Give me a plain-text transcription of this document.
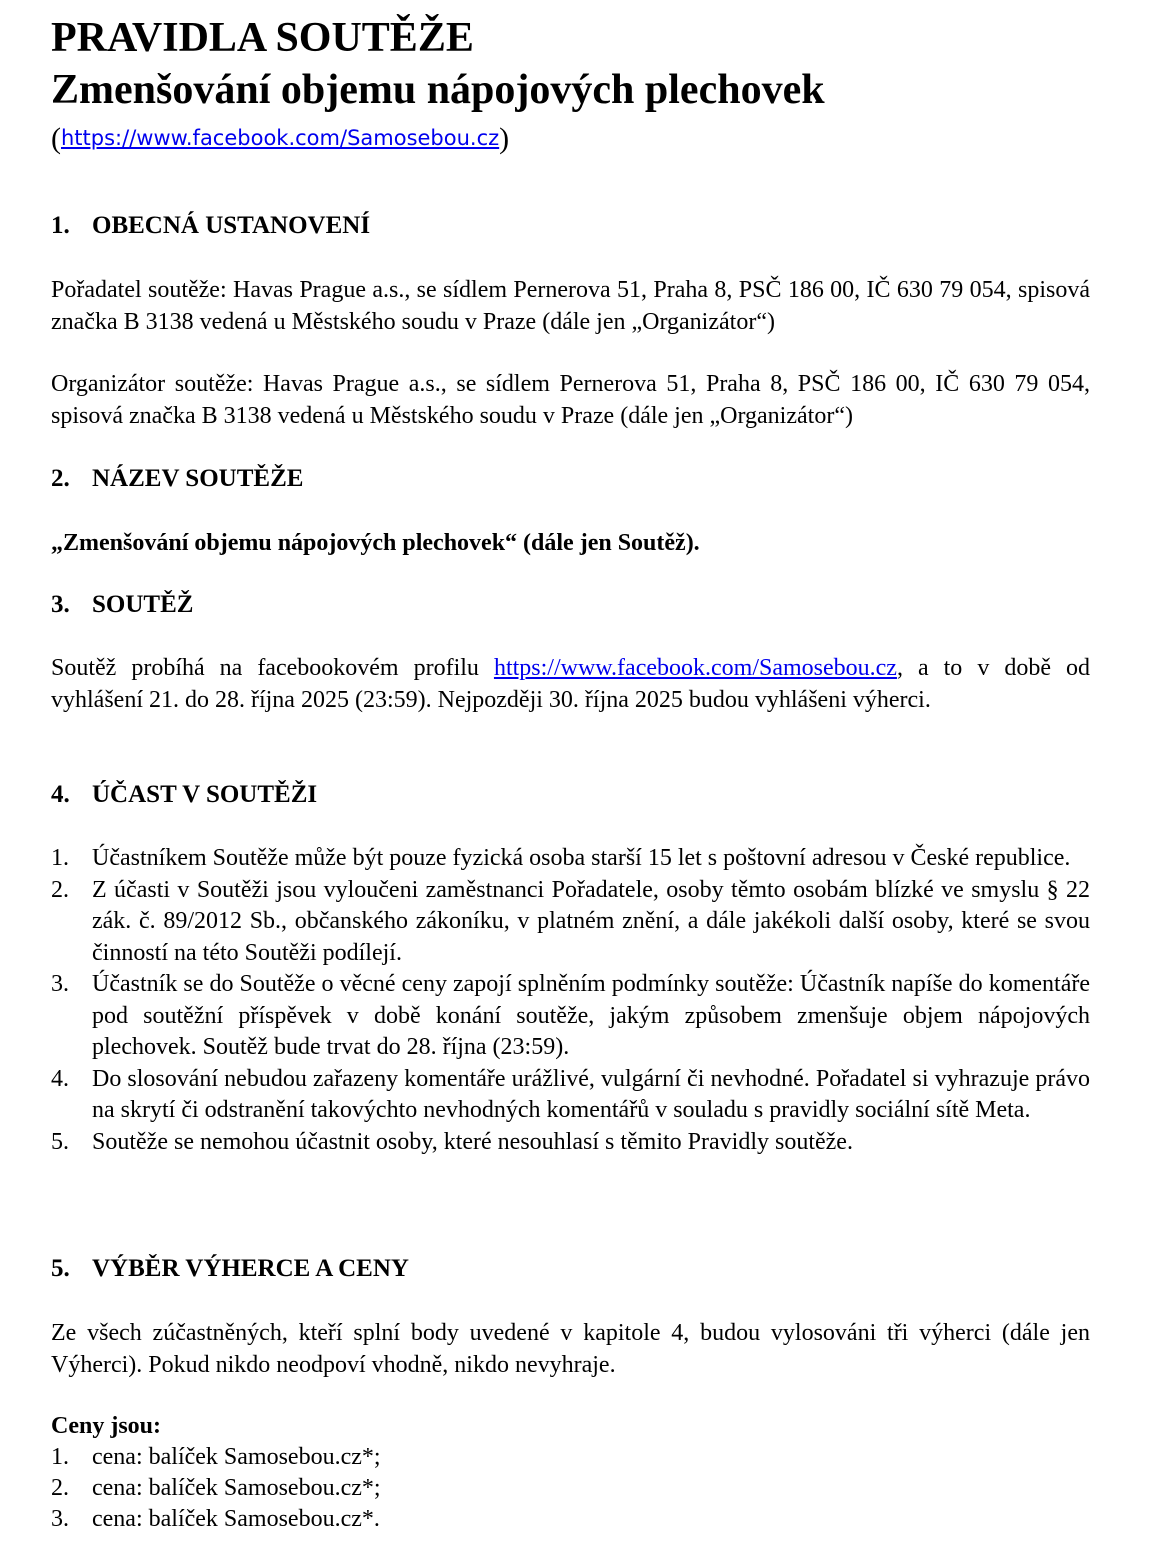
PRAVIDLA SOUTĚŽE
Zmenšování objemu nápojových plechovek
(https://www.facebook.com/Samosebou.cz)
1. OBECNÁ USTANOVENÍ
Pořadatel soutěže: Havas Prague a.s., se sídlem Pernerova 51, Praha 8, PSČ 186 00, IČ 630 79 054, spisová značka B 3138 vedená u Městského soudu v Praze (dále jen „Organizátor“)
Organizátor soutěže: Havas Prague a.s., se sídlem Pernerova 51, Praha 8, PSČ 186 00, IČ 630 79 054, spisová značka B 3138 vedená u Městského soudu v Praze (dále jen „Organizátor“)
2. NÁZEV SOUTĚŽE
„Zmenšování objemu nápojových plechovek“ (dále jen Soutěž).
3. SOUTĚŽ
Soutěž probíhá na facebookovém profilu https://www.facebook.com/Samosebou.cz, a to v době od vyhlášení 21. do 28. října 2025 (23:59). Nejpozději 30. října 2025 budou vyhlášeni výherci.
4. ÚČAST V SOUTĚŽI
1. Účastníkem Soutěže může být pouze fyzická osoba starší 15 let s poštovní adresou v České republice.
2. Z účasti v Soutěži jsou vyloučeni zaměstnanci Pořadatele, osoby těmto osobám blízké ve smyslu § 22 zák. č. 89/2012 Sb., občanského zákoníku, v platném znění, a dále jakékoli další osoby, které se svou činností na této Soutěži podílejí.
3. Účastník se do Soutěže o věcné ceny zapojí splněním podmínky soutěže: Účastník napíše do komentáře pod soutěžní příspěvek v době konání soutěže, jakým způsobem zmenšuje objem nápojových plechovek. Soutěž bude trvat do 28. října (23:59).
4. Do slosování nebudou zařazeny komentáře urážlivé, vulgární či nevhodné. Pořadatel si vyhrazuje právo na skrytí či odstranění takovýchto nevhodných komentářů v souladu s pravidly sociální sítě Meta.
5. Soutěže se nemohou účastnit osoby, které nesouhlasí s těmito Pravidly soutěže.
5. VÝBĚR VÝHERCE A CENY
Ze všech zúčastněných, kteří splní body uvedené v kapitole 4, budou vylosováni tři výherci (dále jen Výherci). Pokud nikdo neodpoví vhodně, nikdo nevyhraje.
Ceny jsou:
1. cena: balíček Samosebou.cz*;
2. cena: balíček Samosebou.cz*;
3. cena: balíček Samosebou.cz*.
